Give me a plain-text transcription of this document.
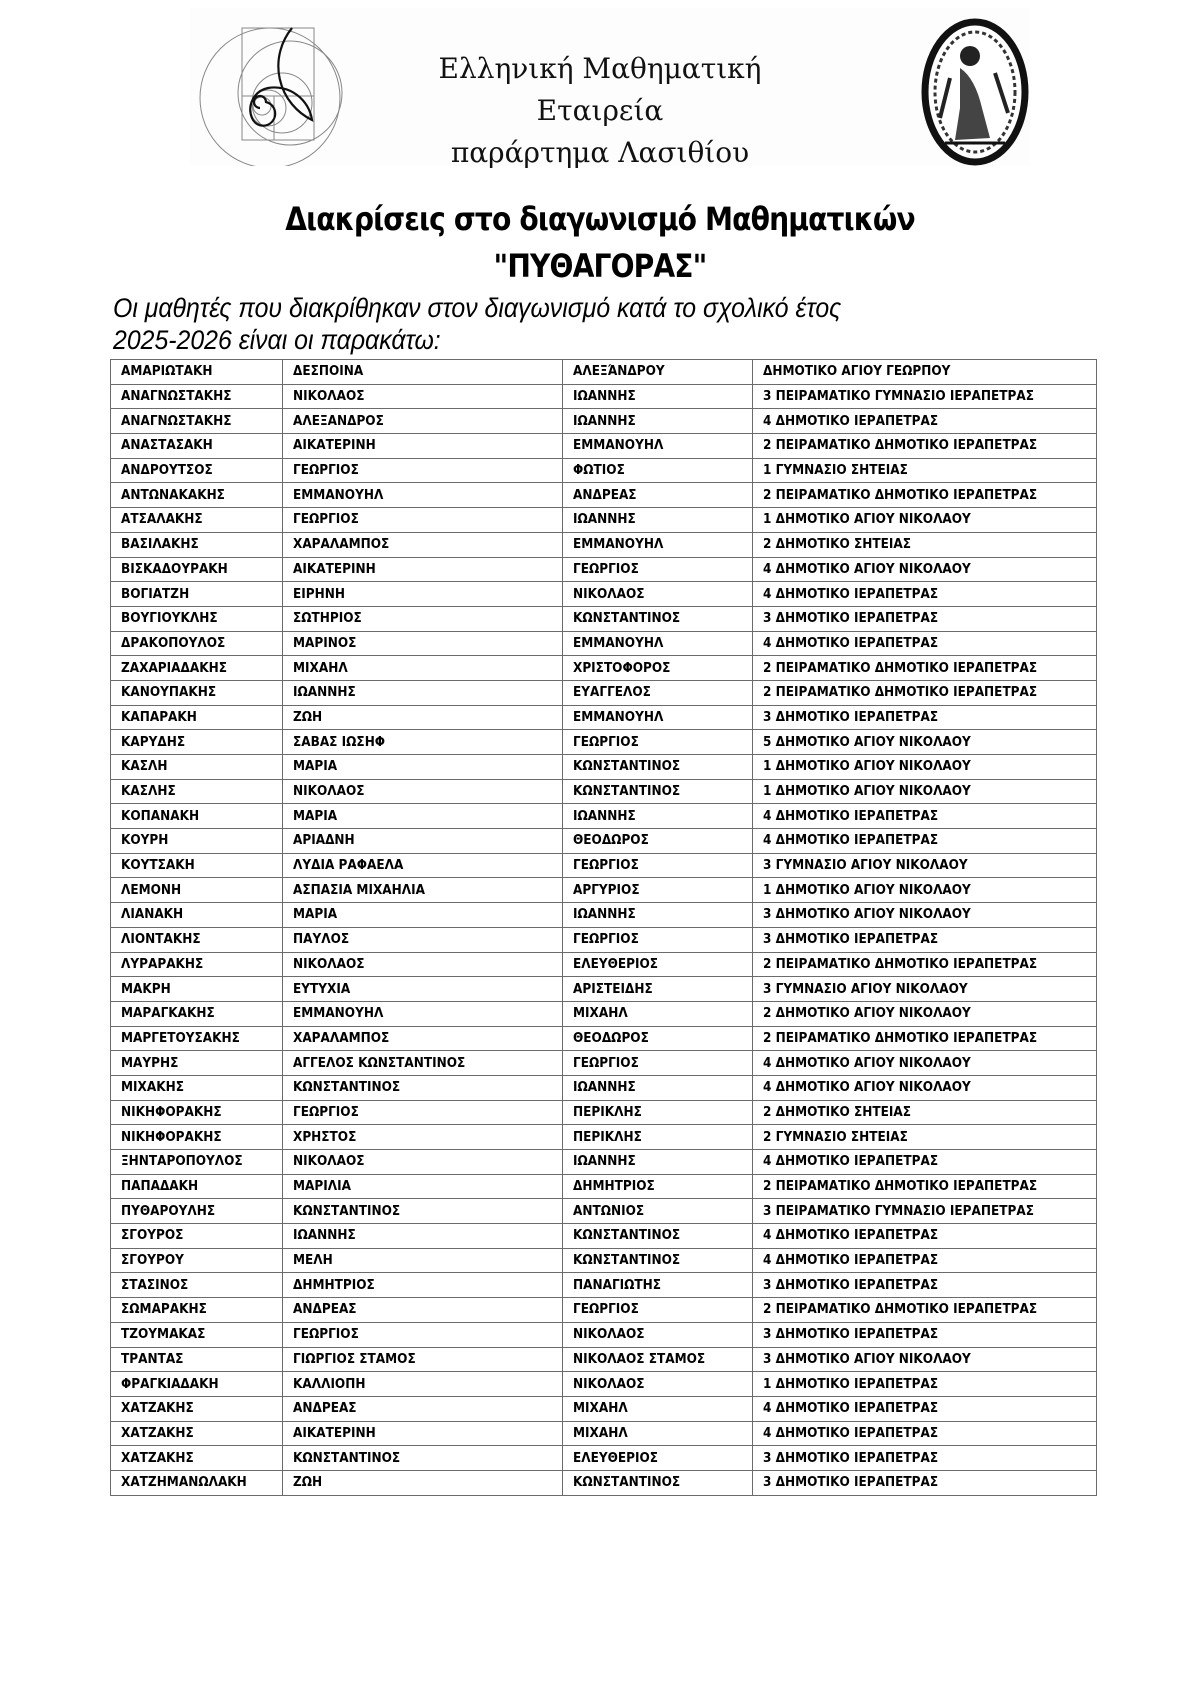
Ελληνική Μαθηματική Εταιρεία
παράρτημα Λασιθίου
Διακρίσεις στο διαγωνισμό Μαθηματικών
"ΠΥΘΑΓΟΡΑΣ"
Οι μαθητές που διακρίθηκαν στον διαγωνισμό κατά το σχολικό έτος
2025-2026 είναι οι παρακάτω:
ΑΜΑΡΙΩΤΑΚΗ	ΔΕΣΠΟΙΝΑ	ΑΛΕΞΆΝΔΡΟΥ	ΔΗΜΟΤΙΚΟ ΑΓΙΟΥ ΓΕΩΡΠΟΥ
ΑΝΑΓΝΩΣΤΑΚΗΣ	ΝΙΚΟΛΑΟΣ	ΙΩΑΝΝΗΣ	3 ΠΕΙΡΑΜΑΤΙΚΟ ΓΥΜΝΑΣΙΟ ΙΕΡΑΠΕΤΡΑΣ
ΑΝΑΓΝΩΣΤΑΚΗΣ	ΑΛΕΞΑΝΔΡΟΣ	ΙΩΑΝΝΗΣ	4 ΔΗΜΟΤΙΚΟ ΙΕΡΑΠΕΤΡΑΣ
ΑΝΑΣΤΑΣΑΚΗ	ΑΙΚΑΤΕΡΙΝΗ	ΕΜΜΑΝΟΥΗΛ	2 ΠΕΙΡΑΜΑΤΙΚΟ ΔΗΜΟΤΙΚΟ ΙΕΡΑΠΕΤΡΑΣ
ΑΝΔΡΟΥΤΣΟΣ	ΓΕΩΡΓΙΟΣ	ΦΩΤΙΟΣ	1 ΓΥΜΝΑΣΙΟ ΣΗΤΕΙΑΣ
ΑΝΤΩΝΑΚΑΚΗΣ	ΕΜΜΑΝΟΥΗΛ	ΑΝΔΡΕΑΣ	2 ΠΕΙΡΑΜΑΤΙΚΟ ΔΗΜΟΤΙΚΟ ΙΕΡΑΠΕΤΡΑΣ
ΑΤΣΑΛΑΚΗΣ	ΓΕΩΡΓΙΟΣ	ΙΩΑΝΝΗΣ	1 ΔΗΜΟΤΙΚΟ ΑΓΙΟΥ ΝΙΚΟΛΑΟΥ
ΒΑΣΙΛΑΚΗΣ	ΧΑΡΑΛΑΜΠΟΣ	ΕΜΜΑΝΟΥΗΛ	2 ΔΗΜΟΤΙΚΟ ΣΗΤΕΙΑΣ
ΒΙΣΚΑΔΟΥΡΑΚΗ	ΑΙΚΑΤΕΡΙΝΗ	ΓΕΩΡΓΙΟΣ	4 ΔΗΜΟΤΙΚΟ ΑΓΙΟΥ ΝΙΚΟΛΑΟΥ
ΒΟΓΙΑΤΖΗ	ΕΙΡΗΝΗ	ΝΙΚΟΛΑΟΣ	4 ΔΗΜΟΤΙΚΟ ΙΕΡΑΠΕΤΡΑΣ
ΒΟΥΓΙΟΥΚΛΗΣ	ΣΩΤΗΡΙΟΣ	ΚΩΝΣΤΑΝΤΙΝΟΣ	3 ΔΗΜΟΤΙΚΟ ΙΕΡΑΠΕΤΡΑΣ
ΔΡΑΚΟΠΟΥΛΟΣ	ΜΑΡΙΝΟΣ	ΕΜΜΑΝΟΥΗΛ	4 ΔΗΜΟΤΙΚΟ ΙΕΡΑΠΕΤΡΑΣ
ΖΑΧΑΡΙΑΔΑΚΗΣ	ΜΙΧΑΗΛ	ΧΡΙΣΤΟΦΟΡΟΣ	2 ΠΕΙΡΑΜΑΤΙΚΟ ΔΗΜΟΤΙΚΟ ΙΕΡΑΠΕΤΡΑΣ
ΚΑΝΟΥΠΑΚΗΣ	ΙΩΑΝΝΗΣ	ΕΥΑΓΓΕΛΟΣ	2 ΠΕΙΡΑΜΑΤΙΚΟ ΔΗΜΟΤΙΚΟ ΙΕΡΑΠΕΤΡΑΣ
ΚΑΠΑΡΑΚΗ	ΖΩΗ	ΕΜΜΑΝΟΥΗΛ	3 ΔΗΜΟΤΙΚΟ ΙΕΡΑΠΕΤΡΑΣ
ΚΑΡΥΔΗΣ	ΣΑΒΑΣ ΙΩΣΗΦ	ΓΕΩΡΓΙΟΣ	5 ΔΗΜΟΤΙΚΟ ΑΓΙΟΥ ΝΙΚΟΛΑΟΥ
ΚΑΣΛΗ	ΜΑΡΙΑ	ΚΩΝΣΤΑΝΤΙΝΟΣ	1 ΔΗΜΟΤΙΚΟ ΑΓΙΟΥ ΝΙΚΟΛΑΟΥ
ΚΑΣΛΗΣ	ΝΙΚΟΛΑΟΣ	ΚΩΝΣΤΑΝΤΙΝΟΣ	1 ΔΗΜΟΤΙΚΟ ΑΓΙΟΥ ΝΙΚΟΛΑΟΥ
ΚΟΠΑΝΑΚΗ	ΜΑΡΙΑ	ΙΩΑΝΝΗΣ	4 ΔΗΜΟΤΙΚΟ ΙΕΡΑΠΕΤΡΑΣ
ΚΟΥΡΗ	ΑΡΙΑΔΝΗ	ΘΕΟΔΩΡΟΣ	4 ΔΗΜΟΤΙΚΟ ΙΕΡΑΠΕΤΡΑΣ
ΚΟΥΤΣΑΚΗ	ΛΥΔΙΑ ΡΑΦΑΕΛΑ	ΓΕΩΡΓΙΟΣ	3 ΓΥΜΝΑΣΙΟ ΑΓΙΟΥ ΝΙΚΟΛΑΟΥ
ΛΕΜΟΝΗ	ΑΣΠΑΣΙΑ ΜΙΧΑΗΛΙΑ	ΑΡΓΥΡΙΟΣ	1 ΔΗΜΟΤΙΚΟ ΑΓΙΟΥ ΝΙΚΟΛΑΟΥ
ΛΙΑΝΑΚΗ	ΜΑΡΙΑ	ΙΩΑΝΝΗΣ	3 ΔΗΜΟΤΙΚΟ ΑΓΙΟΥ ΝΙΚΟΛΑΟΥ
ΛΙΟΝΤΑΚΗΣ	ΠΑΥΛΟΣ	ΓΕΩΡΓΙΟΣ	3 ΔΗΜΟΤΙΚΟ ΙΕΡΑΠΕΤΡΑΣ
ΛΥΡΑΡΑΚΗΣ	ΝΙΚΟΛΑΟΣ	ΕΛΕΥΘΕΡΙΟΣ	2 ΠΕΙΡΑΜΑΤΙΚΟ ΔΗΜΟΤΙΚΟ ΙΕΡΑΠΕΤΡΑΣ
ΜΑΚΡΗ	ΕΥΤΥΧΙΑ	ΑΡΙΣΤΕΙΔΗΣ	3 ΓΥΜΝΑΣΙΟ ΑΓΙΟΥ ΝΙΚΟΛΑΟΥ
ΜΑΡΑΓΚΑΚΗΣ	ΕΜΜΑΝΟΥΗΛ	ΜΙΧΑΗΛ	2 ΔΗΜΟΤΙΚΟ ΑΓΙΟΥ ΝΙΚΟΛΑΟΥ
ΜΑΡΓΕΤΟΥΣΑΚΗΣ	ΧΑΡΑΛΑΜΠΟΣ	ΘΕΟΔΩΡΟΣ	2 ΠΕΙΡΑΜΑΤΙΚΟ ΔΗΜΟΤΙΚΟ ΙΕΡΑΠΕΤΡΑΣ
ΜΑΥΡΗΣ	ΑΓΓΕΛΟΣ ΚΩΝΣΤΑΝΤΙΝΟΣ	ΓΕΩΡΓΙΟΣ	4 ΔΗΜΟΤΙΚΟ ΑΓΙΟΥ ΝΙΚΟΛΑΟΥ
ΜΙΧΑΚΗΣ	ΚΩΝΣΤΑΝΤΙΝΟΣ	ΙΩΑΝΝΗΣ	4 ΔΗΜΟΤΙΚΟ ΑΓΙΟΥ ΝΙΚΟΛΑΟΥ
ΝΙΚΗΦΟΡΑΚΗΣ	ΓΕΩΡΓΙΟΣ	ΠΕΡΙΚΛΗΣ	2 ΔΗΜΟΤΙΚΟ ΣΗΤΕΙΑΣ
ΝΙΚΗΦΟΡΑΚΗΣ	ΧΡΗΣΤΟΣ	ΠΕΡΙΚΛΗΣ	2 ΓΥΜΝΑΣΙΟ ΣΗΤΕΙΑΣ
ΞΗΝΤΑΡΟΠΟΥΛΟΣ	ΝΙΚΟΛΑΟΣ	ΙΩΑΝΝΗΣ	4 ΔΗΜΟΤΙΚΟ ΙΕΡΑΠΕΤΡΑΣ
ΠΑΠΑΔΑΚΗ	ΜΑΡΙΛΙΑ	ΔΗΜΗΤΡΙΟΣ	2 ΠΕΙΡΑΜΑΤΙΚΟ ΔΗΜΟΤΙΚΟ ΙΕΡΑΠΕΤΡΑΣ
ΠΥΘΑΡΟΥΛΗΣ	ΚΩΝΣΤΑΝΤΙΝΟΣ	ΑΝΤΩΝΙΟΣ	3 ΠΕΙΡΑΜΑΤΙΚΟ ΓΥΜΝΑΣΙΟ ΙΕΡΑΠΕΤΡΑΣ
ΣΓΟΥΡΟΣ	ΙΩΑΝΝΗΣ	ΚΩΝΣΤΑΝΤΙΝΟΣ	4 ΔΗΜΟΤΙΚΟ ΙΕΡΑΠΕΤΡΑΣ
ΣΓΟΥΡΟΥ	ΜΕΛΗ	ΚΩΝΣΤΑΝΤΙΝΟΣ	4 ΔΗΜΟΤΙΚΟ ΙΕΡΑΠΕΤΡΑΣ
ΣΤΑΣΙΝΟΣ	ΔΗΜΗΤΡΙΟΣ	ΠΑΝΑΓΙΩΤΗΣ	3 ΔΗΜΟΤΙΚΟ ΙΕΡΑΠΕΤΡΑΣ
ΣΩΜΑΡΑΚΗΣ	ΑΝΔΡΕΑΣ	ΓΕΩΡΓΙΟΣ	2 ΠΕΙΡΑΜΑΤΙΚΟ ΔΗΜΟΤΙΚΟ ΙΕΡΑΠΕΤΡΑΣ
ΤΖΟΥΜΑΚΑΣ	ΓΕΩΡΓΙΟΣ	ΝΙΚΟΛΑΟΣ	3 ΔΗΜΟΤΙΚΟ ΙΕΡΑΠΕΤΡΑΣ
ΤΡΑΝΤΑΣ	ΓΙΩΡΓΙΟΣ ΣΤΑΜΟΣ	ΝΙΚΟΛΑΟΣ ΣΤΑΜΟΣ	3 ΔΗΜΟΤΙΚΟ ΑΓΙΟΥ ΝΙΚΟΛΑΟΥ
ΦΡΑΓΚΙΑΔΑΚΗ	ΚΑΛΛΙΟΠΗ	ΝΙΚΟΛΑΟΣ	1 ΔΗΜΟΤΙΚΟ ΙΕΡΑΠΕΤΡΑΣ
ΧΑΤΖΑΚΗΣ	ΑΝΔΡΕΑΣ	ΜΙΧΑΗΛ	4 ΔΗΜΟΤΙΚΟ ΙΕΡΑΠΕΤΡΑΣ
ΧΑΤΖΑΚΗΣ	ΑΙΚΑΤΕΡΙΝΗ	ΜΙΧΑΗΛ	4 ΔΗΜΟΤΙΚΟ ΙΕΡΑΠΕΤΡΑΣ
ΧΑΤΖΑΚΗΣ	ΚΩΝΣΤΑΝΤΙΝΟΣ	ΕΛΕΥΘΕΡΙΟΣ	3 ΔΗΜΟΤΙΚΟ ΙΕΡΑΠΕΤΡΑΣ
ΧΑΤΖΗΜΑΝΩΛΑΚΗ	ΖΩΗ	ΚΩΝΣΤΑΝΤΙΝΟΣ	3 ΔΗΜΟΤΙΚΟ ΙΕΡΑΠΕΤΡΑΣ
